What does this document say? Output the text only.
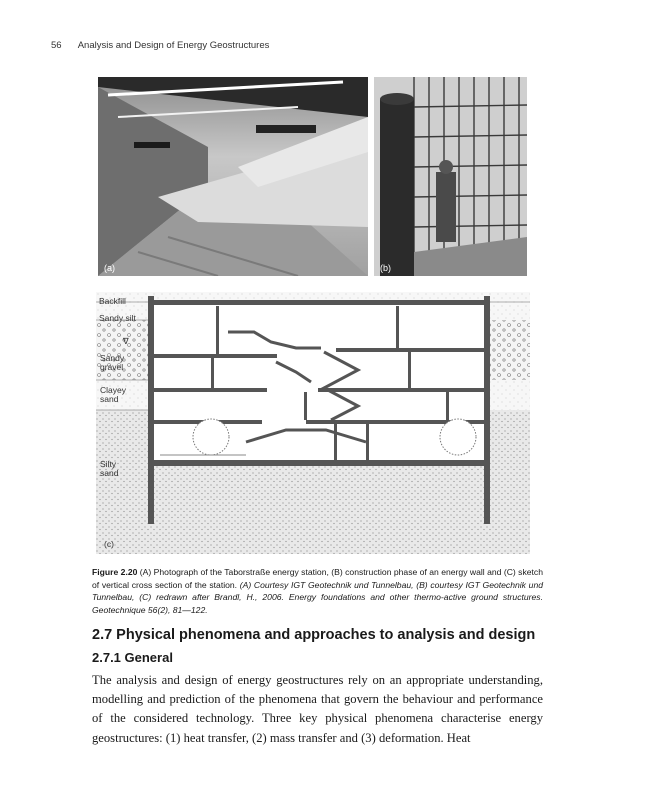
56 Analysis and Design of Energy Geostructures
(a)	(b)
Backfill
Sandy silt
∇
Sandy
gravel
Clayey
sand
Silty
sand
(c)
Figure 2.20 (A) Photograph of the Taborstraße energy station, (B) construction phase of an energy wall and (C) sketch of vertical cross section of the station. (A) Courtesy IGT Geotechnik und Tunnelbau, (B) courtesy IGT Geotechnik und Tunnelbau, (C) redrawn after Brandl, H., 2006. Energy foundations and other thermo-active ground structures. Geotechnique 56(2), 81—122.
2.7 Physical phenomena and approaches to analysis and design
2.7.1 General
The analysis and design of energy geostructures rely on an appropriate understanding, modelling and prediction of the phenomena that govern the behaviour and performance of the considered technology. Three key physical phenomena characterise energy geostructures: (1) heat transfer, (2) mass transfer and (3) deformation. Heat
